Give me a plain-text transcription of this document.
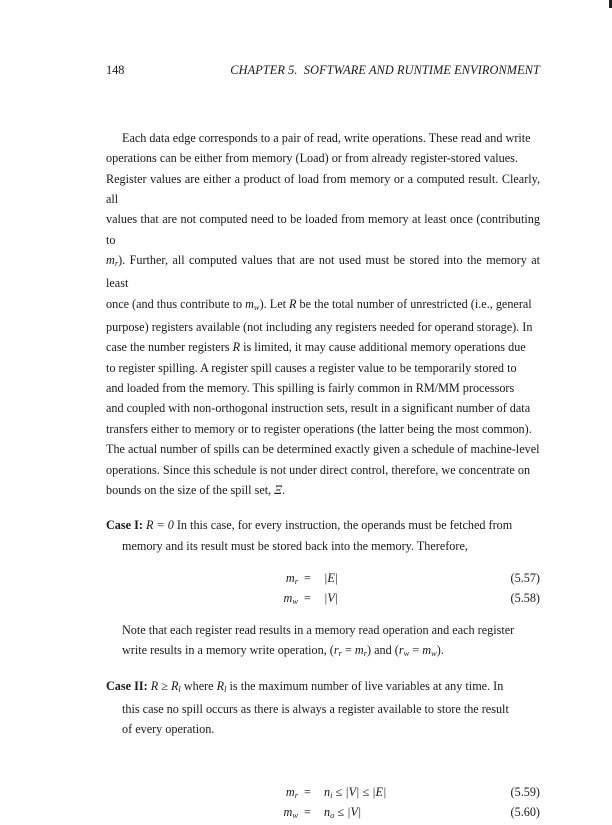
148	CHAPTER 5.  SOFTWARE AND RUNTIME ENVIRONMENT

Each data edge corresponds to a pair of read, write operations. These read and write

operations can be either from memory (Load) or from already register-stored values.

Register values are either a product of load from memory or a computed result. Clearly, all

values that are not computed need to be loaded from memory at least once (contributing to

$m_r$). Further, all computed values that are not used must be stored into the memory at least

once (and thus contribute to $m_w$). Let R be the total number of unrestricted (i.e., general

purpose) registers available (not including any registers needed for operand storage). In

case the number registers R is limited, it may cause additional memory operations due

to register spilling. A register spill causes a register value to be temporarily stored to

and loaded from the memory. This spilling is fairly common in RM/MM processors

and coupled with non-orthogonal instruction sets, result in a significant number of data

transfers either to memory or to register operations (the latter being the most common).

The actual number of spills can be determined exactly given a schedule of machine-level

operations. Since this schedule is not under direct control, therefore, we concentrate on

bounds on the size of the spill set, Ξ.

Case I: R = 0 In this case, for every instruction, the operands must be fetched from

memory and its result must be stored back into the memory. Therefore,

$m_r = |E|$	(5.57)
$m_w = |V|$	(5.58)

Note that each register read results in a memory read operation and each register

write results in a memory write operation, $(r_r = m_r)$ and $(r_w = m_w)$.

Case II: $R \ge R_l$ where $R_l$ is the maximum number of live variables at any time. In

this case no spill occurs as there is always a register available to store the result

of every operation.

$m_r = n_i \le |V| \le |E|$	(5.59)
$m_w = n_o \le |V|$	(5.60)
